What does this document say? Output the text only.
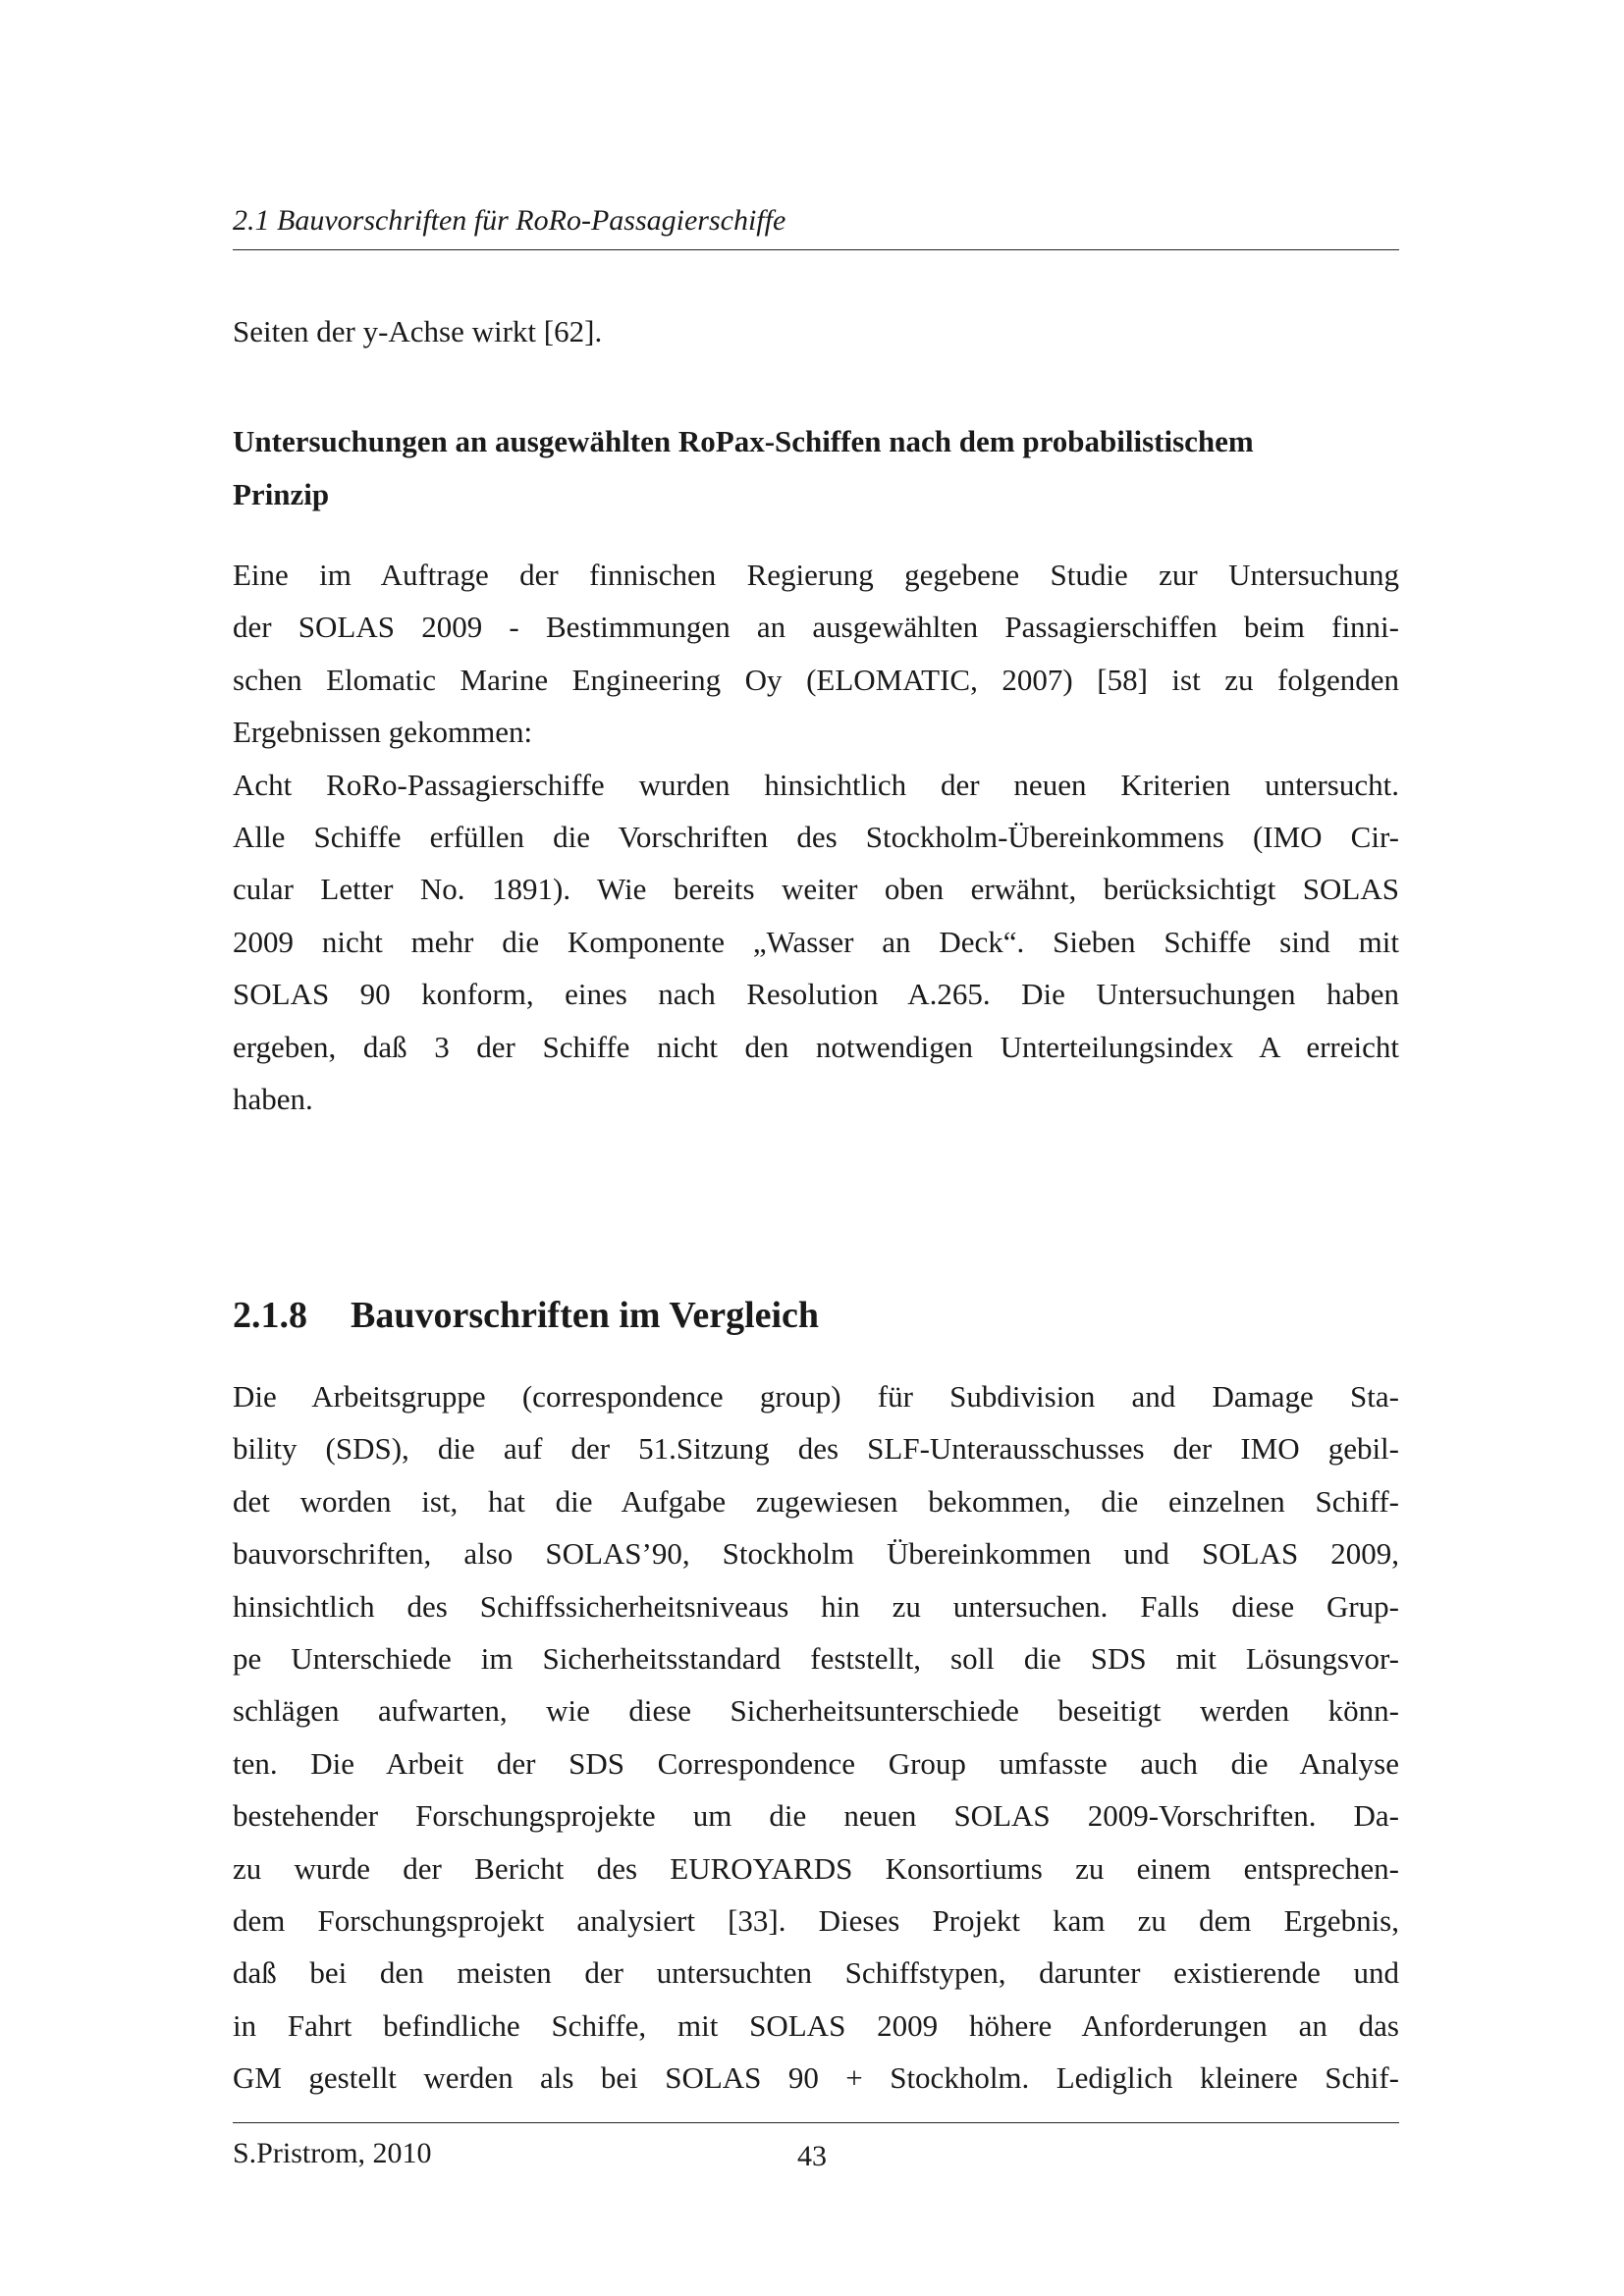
2.1 Bauvorschriften für RoRo-Passagierschiffe
Seiten der y-Achse wirkt [62].
Untersuchungen an ausgewählten RoPax-Schiffen nach dem probabilistischem
Prinzip
Eine im Auftrage der finnischen Regierung gegebene Studie zur Untersuchung
der SOLAS 2009 - Bestimmungen an ausgewählten Passagierschiffen beim finni-
schen Elomatic Marine Engineering Oy (ELOMATIC, 2007) [58] ist zu folgenden
Ergebnissen gekommen:
Acht RoRo-Passagierschiffe wurden hinsichtlich der neuen Kriterien untersucht.
Alle Schiffe erfüllen die Vorschriften des Stockholm-Übereinkommens (IMO Cir-
cular Letter No. 1891). Wie bereits weiter oben erwähnt, berücksichtigt SOLAS
2009 nicht mehr die Komponente „Wasser an Deck“. Sieben Schiffe sind mit
SOLAS 90 konform, eines nach Resolution A.265. Die Untersuchungen haben
ergeben, daß 3 der Schiffe nicht den notwendigen Unterteilungsindex A erreicht
haben.
2.1.8 Bauvorschriften im Vergleich
Die Arbeitsgruppe (correspondence group) für Subdivision and Damage Sta-
bility (SDS), die auf der 51.Sitzung des SLF-Unterausschusses der IMO gebil-
det worden ist, hat die Aufgabe zugewiesen bekommen, die einzelnen Schiff-
bauvorschriften, also SOLAS’90, Stockholm Übereinkommen und SOLAS 2009,
hinsichtlich des Schiffssicherheitsniveaus hin zu untersuchen. Falls diese Grup-
pe Unterschiede im Sicherheitsstandard feststellt, soll die SDS mit Lösungsvor-
schlägen aufwarten, wie diese Sicherheitsunterschiede beseitigt werden könn-
ten. Die Arbeit der SDS Correspondence Group umfasste auch die Analyse
bestehender Forschungsprojekte um die neuen SOLAS 2009-Vorschriften. Da-
zu wurde der Bericht des EUROYARDS Konsortiums zu einem entsprechen-
dem Forschungsprojekt analysiert [33]. Dieses Projekt kam zu dem Ergebnis,
daß bei den meisten der untersuchten Schiffstypen, darunter existierende und
in Fahrt befindliche Schiffe, mit SOLAS 2009 höhere Anforderungen an das
GM gestellt werden als bei SOLAS 90 + Stockholm. Lediglich kleinere Schif-
S.Pristrom, 2010	43
